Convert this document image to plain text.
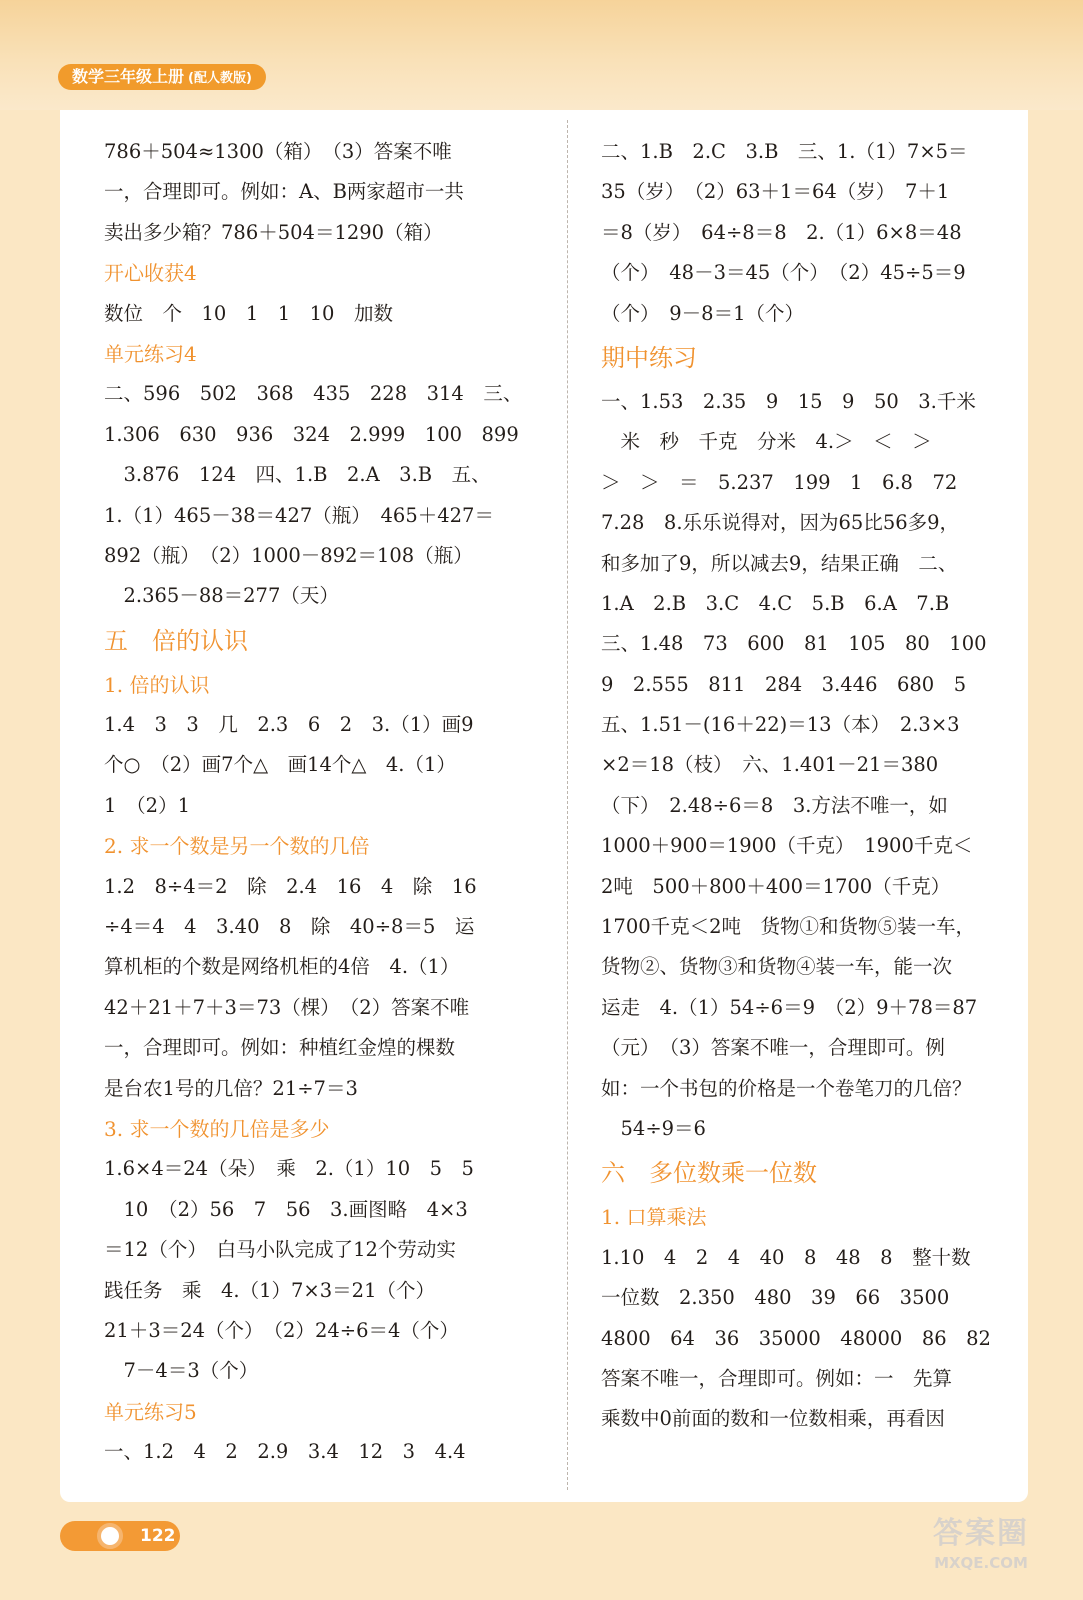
数学三年级上册 (配人教版)

786＋504≈1300（箱）　（3）答案不唯

一，合理即可。例如：A、B两家超市一共

卖出多少箱？786＋504＝1290（箱）

开心收获4

数位　个　10　1　1　10　加数

单元练习4

二、596　502　368　435　228　314　三、

1.306　630　936　324　2.999　100　899

　3.876　124　四、1.B　2.A　3.B　五、

1.（1）465－38＝427（瓶）　465＋427＝

892（瓶）　（2）1000－892＝108（瓶）

　2.365－88＝277（天）

五　倍的认识

1. 倍的认识

1.4　3　3　几　2.3　6　2　3.（1）画9

个○　（2）画7个△　画14个△　4.（1）

1　（2）1

2. 求一个数是另一个数的几倍

1.2　8÷4＝2　除　2.4　16　4　除　16

÷4＝4　4　3.40　8　除　40÷8＝5　运

算机柜的个数是网络机柜的4倍　4.（1）

42＋21＋7＋3＝73（棵）　（2）答案不唯

一，合理即可。例如：种植红金煌的棵数

是台农1号的几倍？21÷7＝3

3. 求一个数的几倍是多少

1.6×4＝24（朵）　乘　2.（1）10　5　5

　10　（2）56　7　56　3.画图略　4×3

＝12（个）　白马小队完成了12个劳动实

践任务　乘　4.（1）7×3＝21（个）

21＋3＝24（个）　（2）24÷6＝4（个）

　7－4＝3（个）

单元练习5

一、1.2　4　2　2.9　3.4　12　3　4.4

二、1.B　2.C　3.B　三、1.（1）7×5＝

35（岁）　（2）63＋1＝64（岁）　7＋1

＝8（岁）　64÷8＝8　2.（1）6×8＝48

（个）　48－3＝45（个）　（2）45÷5＝9

（个）　9－8＝1（个）

期中练习

一、1.53　2.35　9　15　9　50　3.千米

　米　秒　千克　分米　4.＞　＜　＞

＞　＞　＝　5.237　199　1　6.8　72

7.28　8.乐乐说得对，因为65比56多9，

和多加了9，所以减去9，结果正确　二、

1.A　2.B　3.C　4.C　5.B　6.A　7.B

三、1.48　73　600　81　105　80　100

9　2.555　811　284　3.446　680　5

五、1.51－(16＋22)＝13（本）　2.3×3

×2＝18（枝）　六、1.401－21＝380

（下）　2.48÷6＝8　3.方法不唯一，如

1000＋900＝1900（千克）　1900千克＜

2吨　500＋800＋400＝1700（千克）

1700千克＜2吨　货物①和货物⑤装一车，

货物②、货物③和货物④装一车，能一次

运走　4.（1）54÷6＝9　（2）9＋78＝87

（元）　（3）答案不唯一，合理即可。例

如：一个书包的价格是一个卷笔刀的几倍？

　54÷9＝6

六　多位数乘一位数

1. 口算乘法

1.10　4　2　4　40　8　48　8　整十数

一位数　2.350　480　39　66　3500

4800　64　36　35000　48000　86　82

答案不唯一，合理即可。例如：一　先算

乘数中0前面的数和一位数相乘，再看因

122	答案圈
MXQE.COM
